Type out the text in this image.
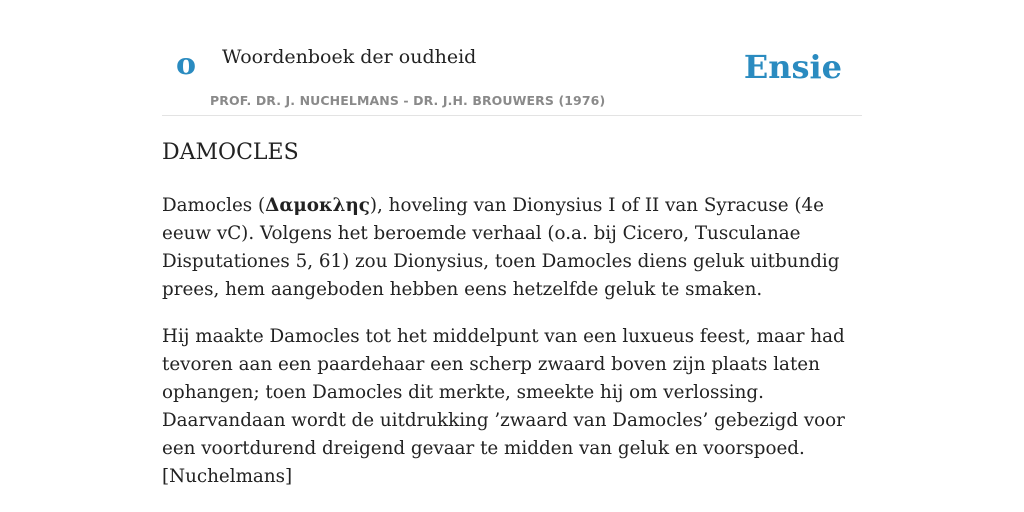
o Woordenboek der oudheid
PROF. DR. J. NUCHELMANS - DR. J.H. BROUWERS (1976)
Ensie
DAMOCLES

Damocles (Δαμοκλης), hoveling van Dionysius I of II van Syracuse (4e eeuw vC). Volgens het beroemde verhaal (o.a. bij Cicero, Tusculanae Disputationes 5, 61) zou Dionysius, toen Damocles diens geluk uitbundig prees, hem aangeboden hebben eens hetzelfde geluk te smaken.

Hij maakte Damocles tot het middelpunt van een luxueus feest, maar had tevoren aan een paardehaar een scherp zwaard boven zijn plaats laten ophangen; toen Damocles dit merkte, smeekte hij om verlossing. Daarvandaan wordt de uitdrukking ’zwaard van Damocles’ gebezigd voor een voortdurend dreigend gevaar te midden van geluk en voorspoed. [Nuchelmans]
